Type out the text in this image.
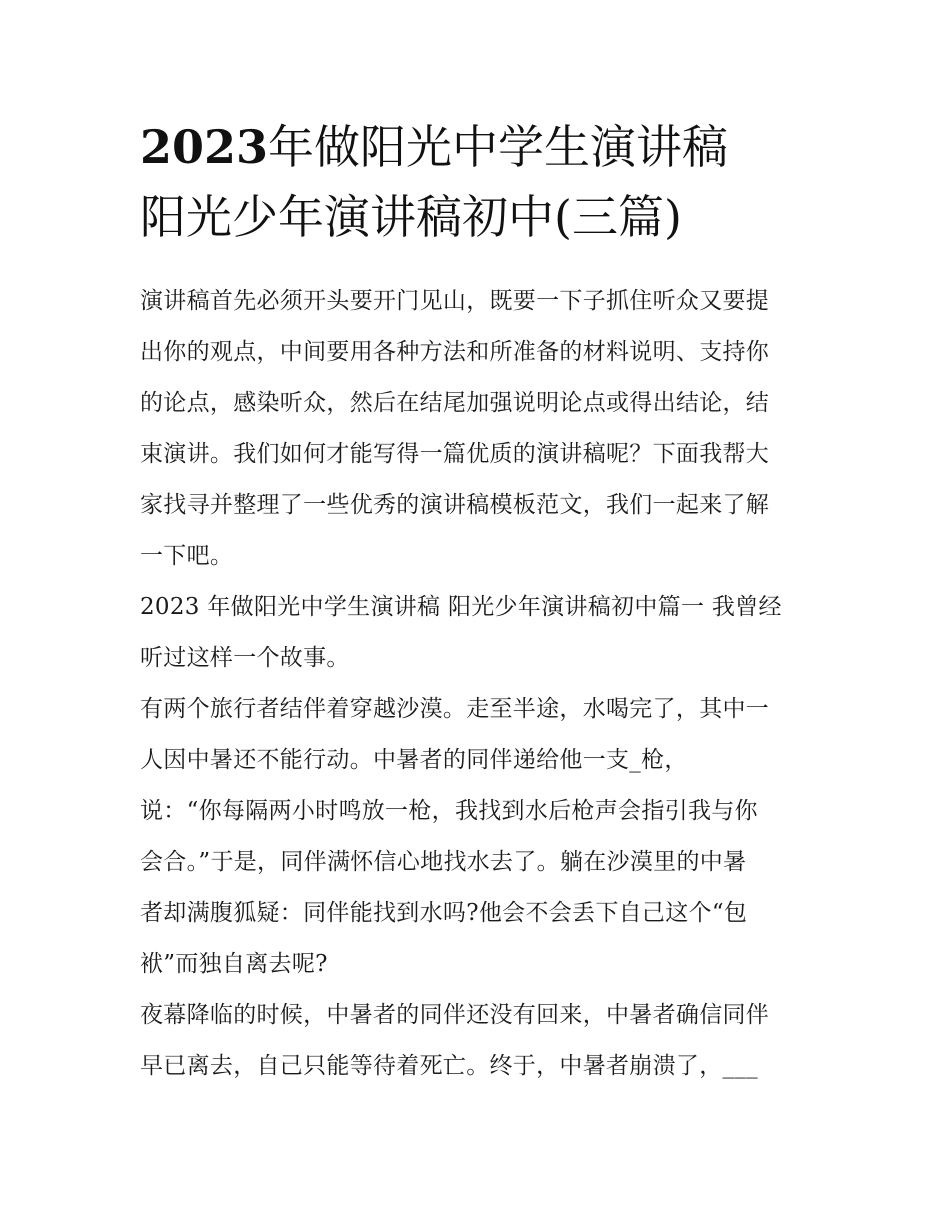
2023年做阳光中学生演讲稿
阳光少年演讲稿初中(三篇)
演讲稿首先必须开头要开门见山，既要一下子抓住听众又要提
出你的观点，中间要用各种方法和所准备的材料说明、支持你
的论点，感染听众，然后在结尾加强说明论点或得出结论，结
束演讲。我们如何才能写得一篇优质的演讲稿呢？下面我帮大
家找寻并整理了一些优秀的演讲稿模板范文，我们一起来了解
一下吧。
2023 年做阳光中学生演讲稿 阳光少年演讲稿初中篇一 我曾经
听过这样一个故事。
有两个旅行者结伴着穿越沙漠。走至半途，水喝完了，其中一
人因中暑还不能行动。中暑者的同伴递给他一支_枪，
说：“你每隔两小时鸣放一枪，我找到水后枪声会指引我与你
会合。”于是，同伴满怀信心地找水去了。躺在沙漠里的中暑
者却满腹狐疑：同伴能找到水吗?他会不会丢下自己这个“包
袱”而独自离去呢?
夜幕降临的时候，中暑者的同伴还没有回来，中暑者确信同伴
早已离去，自己只能等待着死亡。终于，中暑者崩溃了，___
